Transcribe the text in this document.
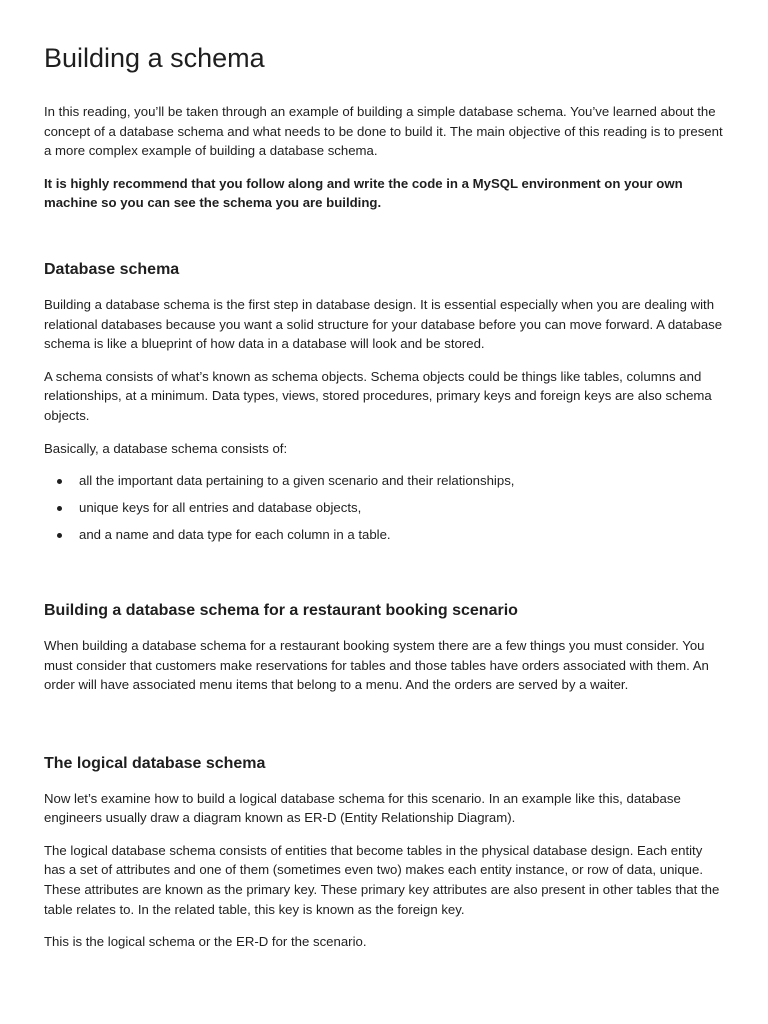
Building a schema

In this reading, you’ll be taken through an example of building a simple database schema. You’ve learned about the concept of a database schema and what needs to be done to build it. The main objective of this reading is to present a more complex example of building a database schema.

It is highly recommend that you follow along and write the code in a MySQL environment on your own machine so you can see the schema you are building.

Database schema

Building a database schema is the first step in database design. It is essential especially when you are dealing with relational databases because you want a solid structure for your database before you can move forward. A database schema is like a blueprint of how data in a database will look and be stored.

A schema consists of what’s known as schema objects. Schema objects could be things like tables, columns and relationships, at a minimum. Data types, views, stored procedures, primary keys and foreign keys are also schema objects.

Basically, a database schema consists of:

all the important data pertaining to a given scenario and their relationships,
unique keys for all entries and database objects,
and a name and data type for each column in a table.
Building a database schema for a restaurant booking scenario

When building a database schema for a restaurant booking system there are a few things you must consider. You must consider that customers make reservations for tables and those tables have orders associated with them. An order will have associated menu items that belong to a menu. And the orders are served by a waiter.

The logical database schema

Now let’s examine how to build a logical database schema for this scenario. In an example like this, database engineers usually draw a diagram known as ER-D (Entity Relationship Diagram).

The logical database schema consists of entities that become tables in the physical database design. Each entity has a set of attributes and one of them (sometimes even two) makes each entity instance, or row of data, unique. These attributes are known as the primary key. These primary key attributes are also present in other tables that the table relates to. In the related table, this key is known as the foreign key.

This is the logical schema or the ER-D for the scenario.
